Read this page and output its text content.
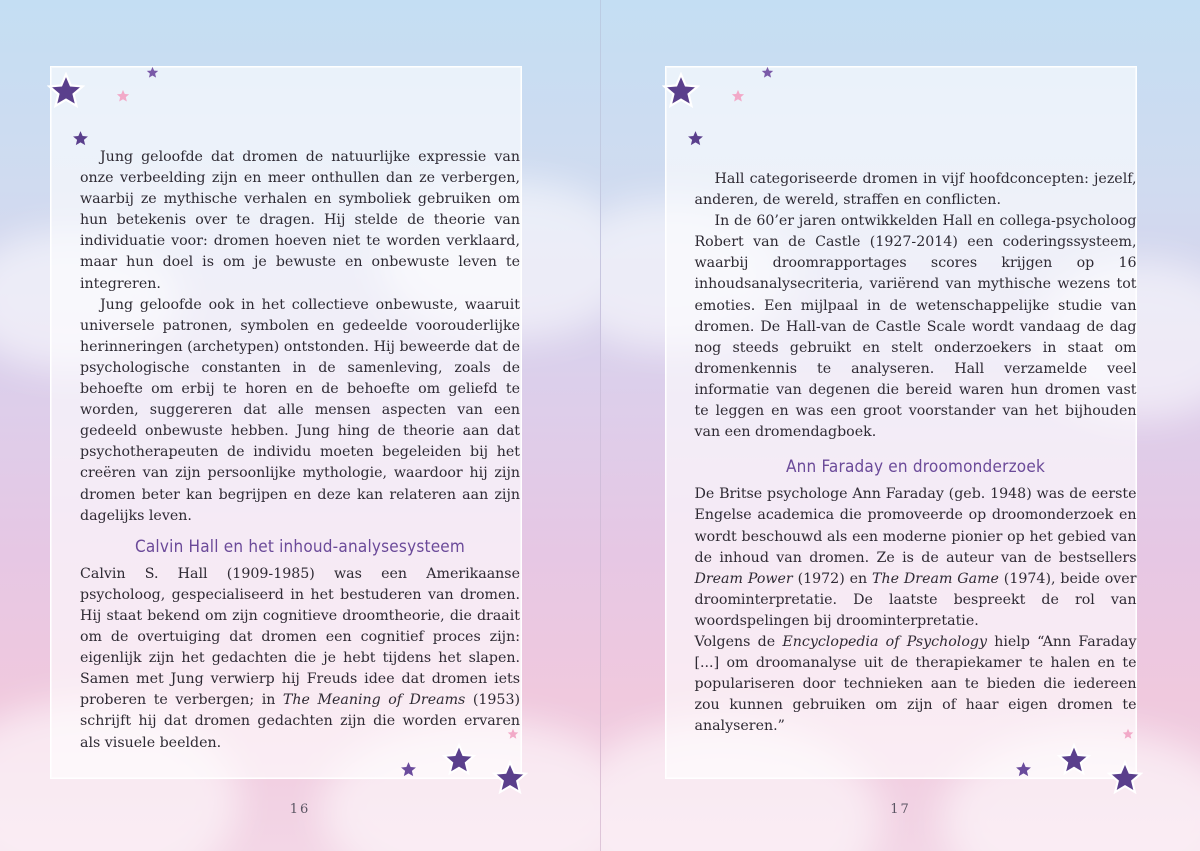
Jung geloofde dat dromen de natuurlijke expressie van onze verbeelding zijn en meer onthullen dan ze verbergen, waarbij ze mythische verhalen en symboliek gebruiken om hun betekenis over te dragen. Hij stelde de theorie van individuatie voor: dromen hoeven niet te worden verklaard, maar hun doel is om je bewuste en onbewuste leven te integreren.

Jung geloofde ook in het collectieve onbewuste, waaruit universele patronen, symbolen en gedeelde voorouderlijke herinneringen (archetypen) ontstonden. Hij beweerde dat de psychologische constanten in de samenleving, zoals de behoefte om erbij te horen en de behoefte om geliefd te worden, suggereren dat alle mensen aspecten van een gedeeld onbewuste hebben. Jung hing de theorie aan dat psychotherapeuten de individu moeten begeleiden bij het creëren van zijn persoonlijke mythologie, waardoor hij zijn dromen beter kan begrijpen en deze kan relateren aan zijn dagelijks leven.

Calvin Hall en het inhoud-analysesysteem

Calvin S. Hall (1909-1985) was een Amerikaanse psycholoog, gespecialiseerd in het bestuderen van dromen. Hij staat bekend om zijn cognitieve droomtheorie, die draait om de overtuiging dat dromen een cognitief proces zijn: eigenlijk zijn het gedachten die je hebt tijdens het slapen. Samen met Jung verwierp hij Freuds idee dat dromen iets proberen te verbergen; in The Meaning of Dreams (1953) schrijft hij dat dromen gedachten zijn die worden ervaren als visuele beelden.

16

Hall categoriseerde dromen in vijf hoofdconcepten: jezelf, anderen, de wereld, straffen en conflicten.

In de 60’er jaren ontwikkelden Hall en collega-psycholoog Robert van de Castle (1927-2014) een coderingssysteem, waarbij droomrapportages scores krijgen op 16 inhoudsanalysecriteria, variërend van mythische wezens tot emoties. Een mijlpaal in de wetenschappelijke studie van dromen. De Hall-van de Castle Scale wordt vandaag de dag nog steeds gebruikt en stelt onderzoekers in staat om dromenkennis te analyseren. Hall verzamelde veel informatie van degenen die bereid waren hun dromen vast te leggen en was een groot voorstander van het bijhouden van een dromendagboek.

Ann Faraday en droomonderzoek

De Britse psychologe Ann Faraday (geb. 1948) was de eerste Engelse academica die promoveerde op droomonderzoek en wordt beschouwd als een moderne pionier op het gebied van de inhoud van dromen. Ze is de auteur van de bestsellers Dream Power (1972) en The Dream Game (1974), beide over droominterpretatie. De laatste bespreekt de rol van woordspelingen bij droominterpretatie.

Volgens de Encyclopedia of Psychology hielp “Ann Faraday [...] om droomanalyse uit de therapiekamer te halen en te populariseren door technieken aan te bieden die iedereen zou kunnen gebruiken om zijn of haar eigen dromen te analyseren.”

17
